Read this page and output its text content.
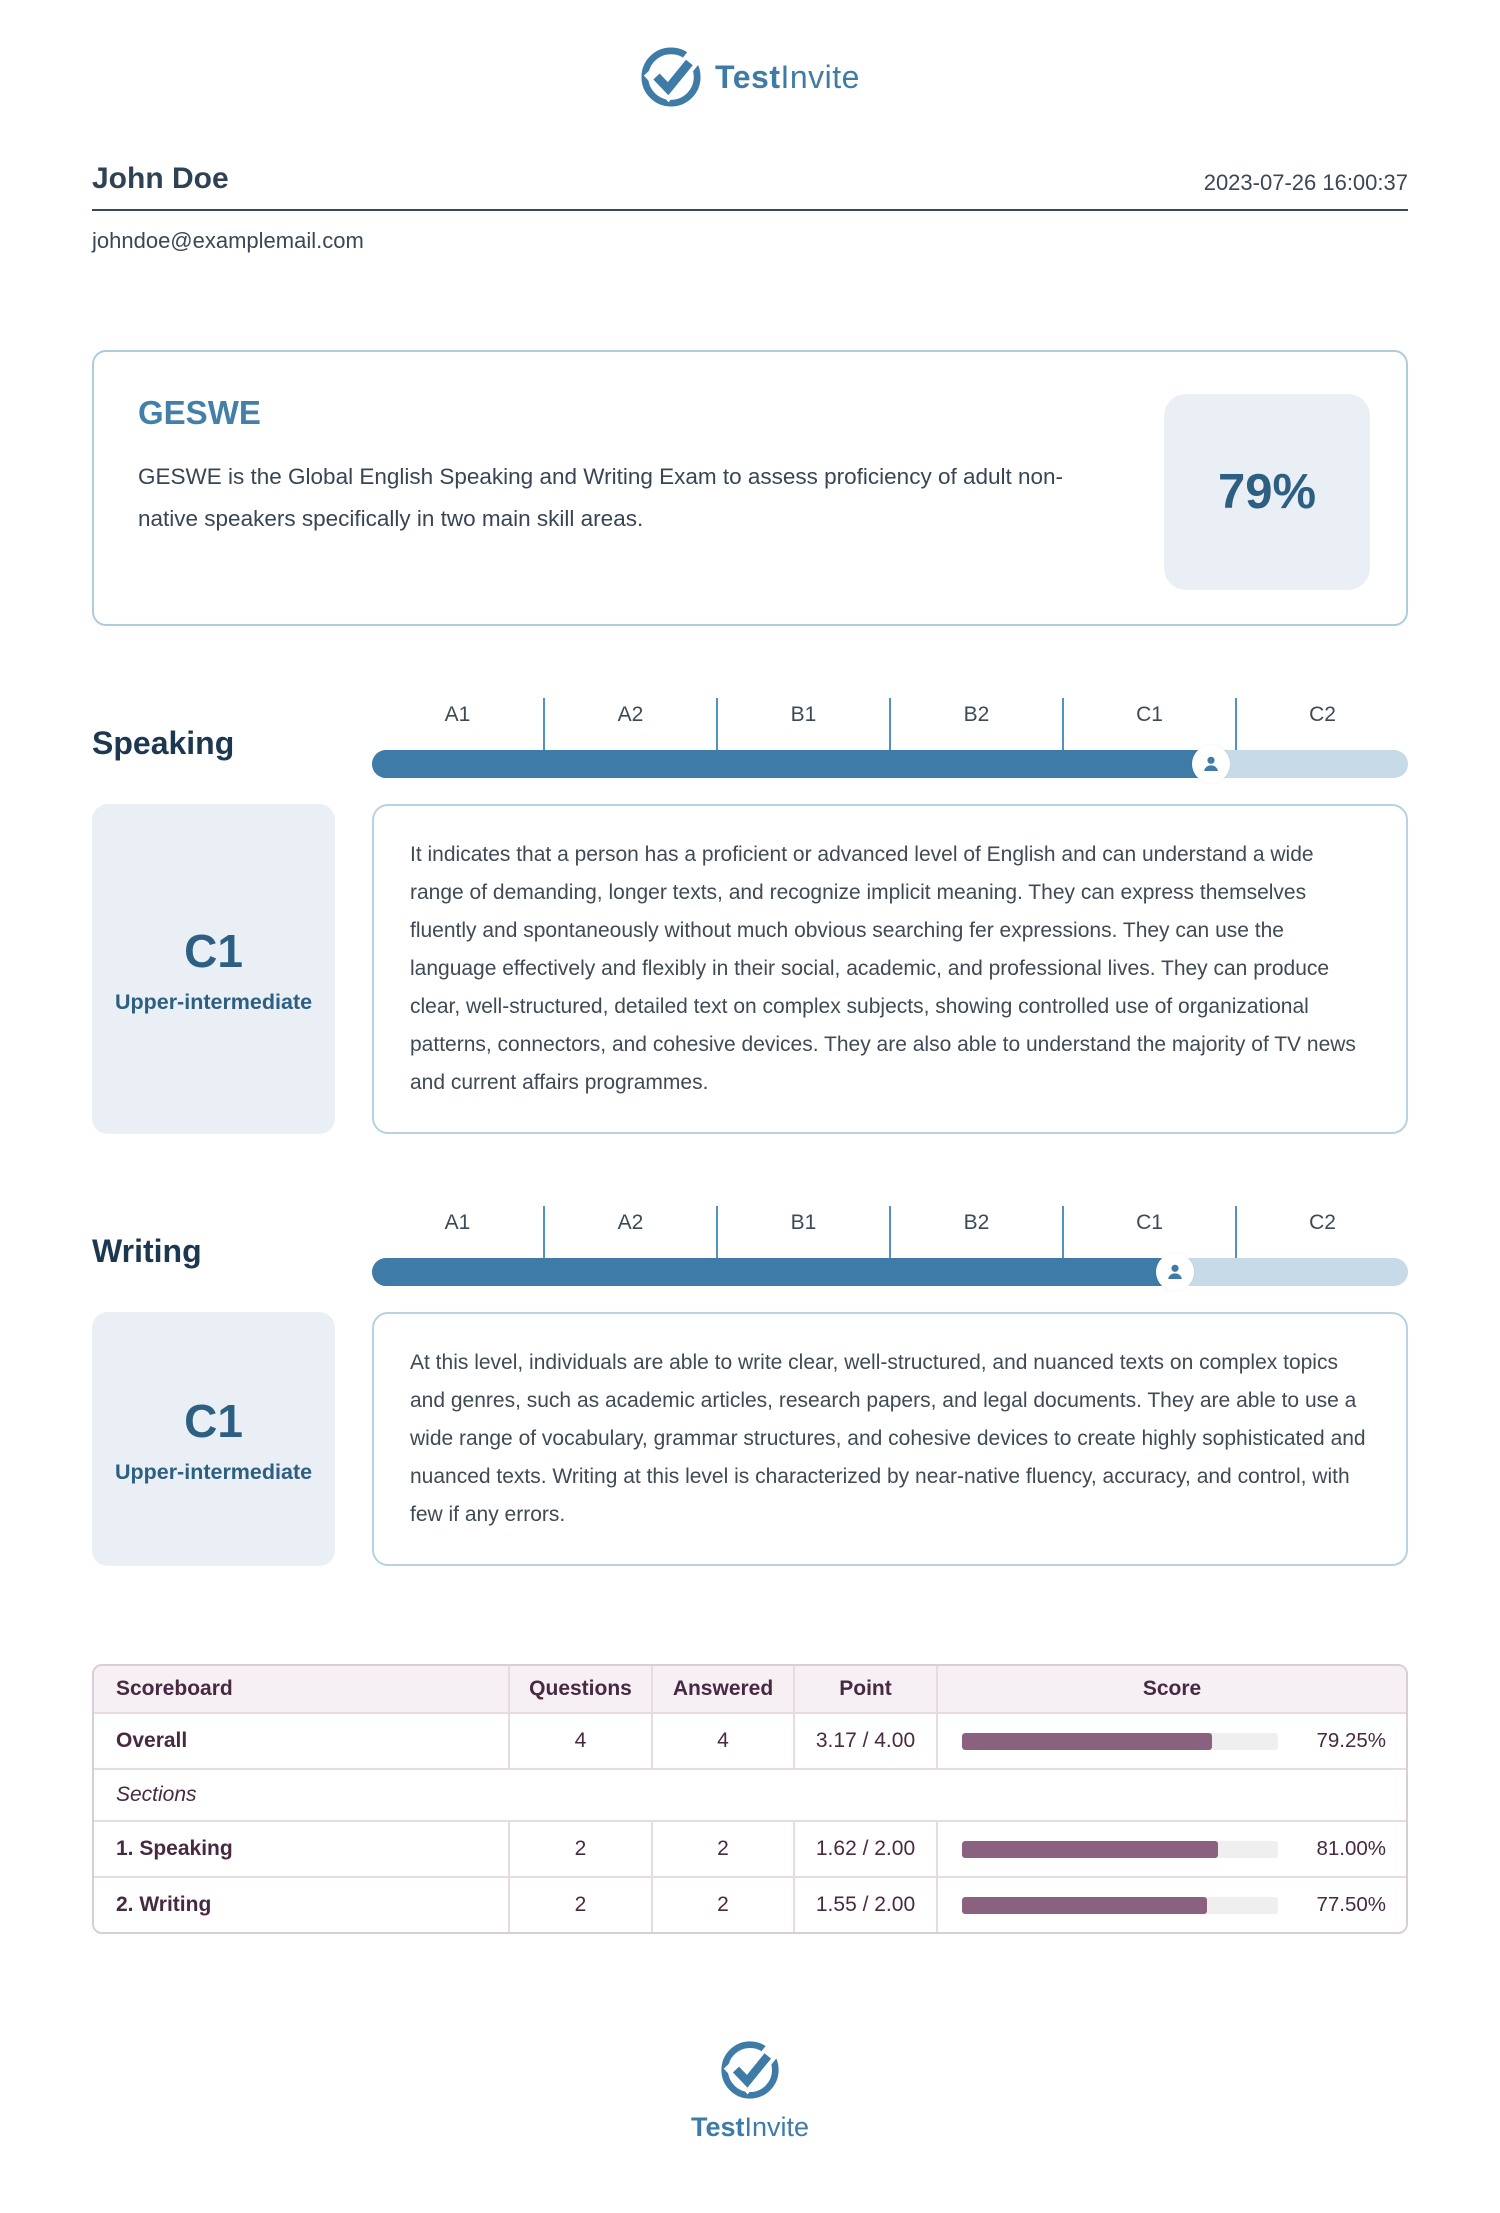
TestInvite
John Doe	2023-07-26 16:00:37
johndoe@examplemail.com
GESWE
GESWE is the Global English Speaking and Writing Exam to assess proficiency of adult non-native speakers specifically in two main skill areas.	79%
Speaking
A1	A2	B1	B2	C1	C2
C1
Upper-intermediate
It indicates that a person has a proficient or advanced level of English and can understand a wide range of demanding, longer texts, and recognize implicit meaning. They can express themselves fluently and spontaneously without much obvious searching fer expressions. They can use the language effectively and flexibly in their social, academic, and professional lives. They can produce clear, well-structured, detailed text on complex subjects, showing controlled use of organizational patterns, connectors, and cohesive devices. They are also able to understand the majority of TV news and current affairs programmes.
Writing
A1	A2	B1	B2	C1	C2
C1
Upper-intermediate
At this level, individuals are able to write clear, well-structured, and nuanced texts on complex topics and genres, such as academic articles, research papers, and legal documents. They are able to use a wide range of vocabulary, grammar structures, and cohesive devices to create highly sophisticated and nuanced texts. Writing at this level is characterized by near-native fluency, accuracy, and control, with few if any errors.
Scoreboard	Questions	Answered	Point	Score
Overall	4	4	3.17 / 4.00	79.25%
Sections
1. Speaking	2	2	1.62 / 2.00	81.00%
2. Writing	2	2	1.55 / 2.00	77.50%
TestInvite
